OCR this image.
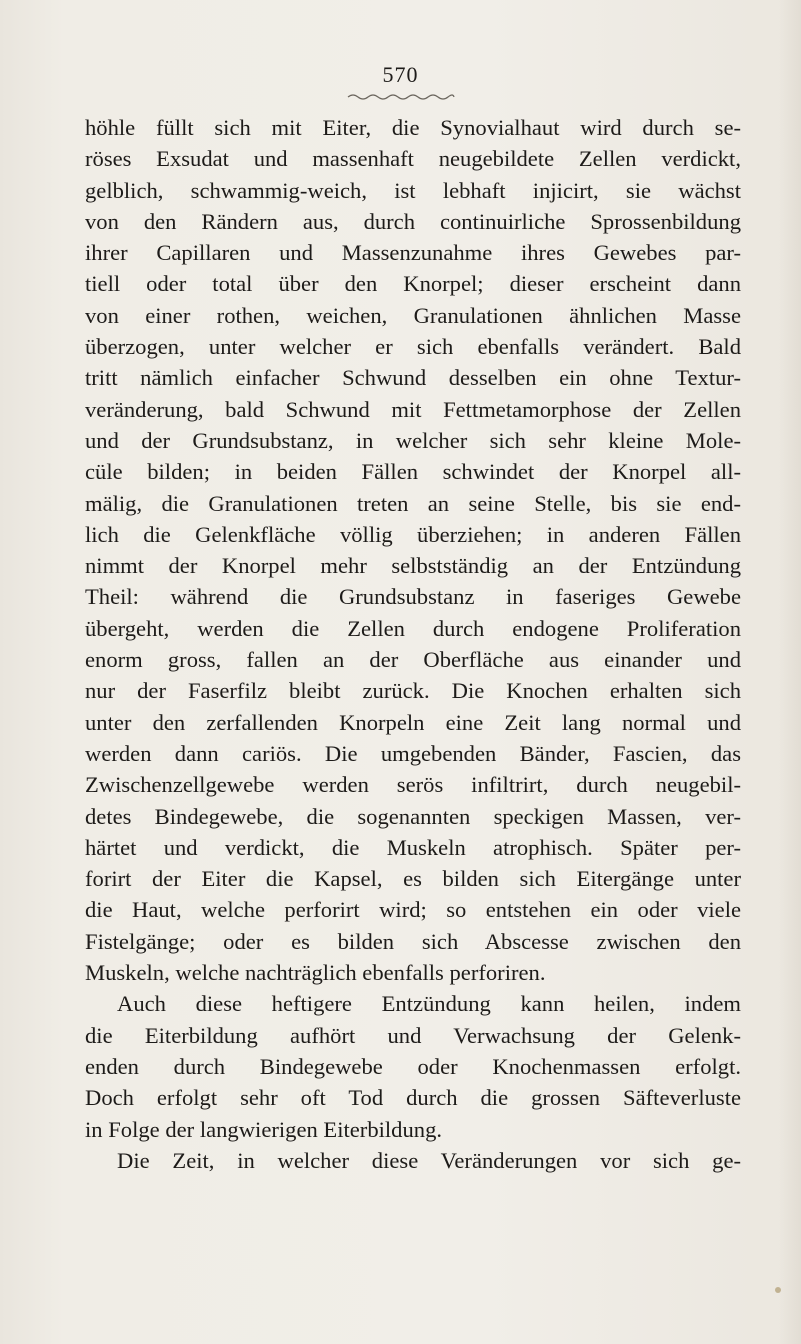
570
höhle füllt sich mit Eiter, die Synovialhaut wird durch se-
röses Exsudat und massenhaft neugebildete Zellen verdickt,
gelblich, schwammig-weich, ist lebhaft injicirt, sie wächst
von den Rändern aus, durch continuirliche Sprossenbildung
ihrer Capillaren und Massenzunahme ihres Gewebes par-
tiell oder total über den Knorpel; dieser erscheint dann
von einer rothen, weichen, Granulationen ähnlichen Masse
überzogen, unter welcher er sich ebenfalls verändert. Bald
tritt nämlich einfacher Schwund desselben ein ohne Textur-
veränderung, bald Schwund mit Fettmetamorphose der Zellen
und der Grundsubstanz, in welcher sich sehr kleine Mole-
cüle bilden; in beiden Fällen schwindet der Knorpel all-
mälig, die Granulationen treten an seine Stelle, bis sie end-
lich die Gelenkfläche völlig überziehen; in anderen Fällen
nimmt der Knorpel mehr selbstständig an der Entzündung
Theil: während die Grundsubstanz in faseriges Gewebe
übergeht, werden die Zellen durch endogene Proliferation
enorm gross, fallen an der Oberfläche aus einander und
nur der Faserfilz bleibt zurück. Die Knochen erhalten sich
unter den zerfallenden Knorpeln eine Zeit lang normal und
werden dann cariös. Die umgebenden Bänder, Fascien, das
Zwischenzellgewebe werden serös infiltrirt, durch neugebil-
detes Bindegewebe, die sogenannten speckigen Massen, ver-
härtet und verdickt, die Muskeln atrophisch. Später per-
forirt der Eiter die Kapsel, es bilden sich Eitergänge unter
die Haut, welche perforirt wird; so entstehen ein oder viele
Fistelgänge; oder es bilden sich Abscesse zwischen den
Muskeln, welche nachträglich ebenfalls perforiren.
Auch diese heftigere Entzündung kann heilen, indem
die Eiterbildung aufhört und Verwachsung der Gelenk-
enden durch Bindegewebe oder Knochenmassen erfolgt.
Doch erfolgt sehr oft Tod durch die grossen Säfteverluste
in Folge der langwierigen Eiterbildung.
Die Zeit, in welcher diese Veränderungen vor sich ge-
